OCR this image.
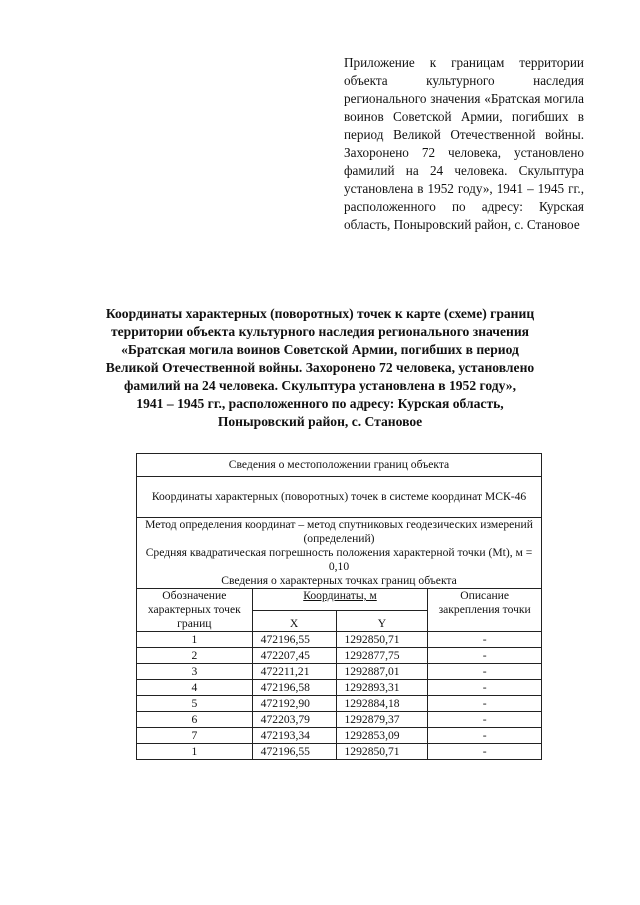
Приложение к границам территории объекта культурного наследия регионального значения «Братская могила воинов Советской Армии, погибших в период Великой Отечественной войны. Захоронено 72 человека, установлено фамилий на 24 человека. Скульптура установлена в 1952 году», 1941 – 1945 гг., расположенного по адресу: Курская область, Поныровский район, с. Становое
Координаты характерных (поворотных) точек к карте (схеме) границ
территории объекта культурного наследия регионального значения
«Братская могила воинов Советской Армии, погибших в период
Великой Отечественной войны. Захоронено 72 человека, установлено
фамилий на 24 человека. Скульптура установлена в 1952 году»,
1941 – 1945 гг., расположенного по адресу: Курская область,
Поныровский район, с. Становое
Сведения о местоположении границ объекта			
Координаты характерных (поворотных) точек в системе координат МСК-46			

Метод определения координат – метод спутниковых геодезических измерений (определений)
Средняя квадратическая погрешность положения характерной точки (Mt), м = 0,10
Сведения о характерных точках границ объекта			

Обозначение характерных точек границ	Координаты, м		Описание закрепления точки
	X	Y	
1	472196,55	1292850,71	-
2	472207,45	1292877,75	-
3	472211,21	1292887,01	-
4	472196,58	1292893,31	-
5	472192,90	1292884,18	-
6	472203,79	1292879,37	-
7	472193,34	1292853,09	-
1	472196,55	1292850,71	-
